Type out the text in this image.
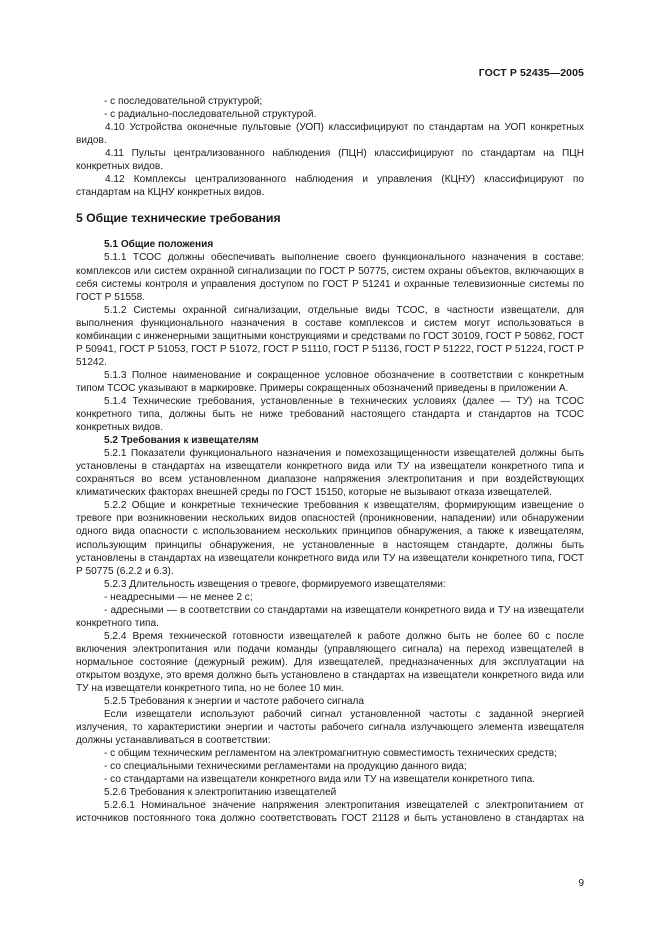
ГОСТ Р 52435—2005

- с последовательной структурой;

- с радиально-последовательной структурой.

4.10 Устройства оконечные пультовые (УОП) классифицируют по стандартам на УОП конкретных видов.

4.11 Пульты централизованного наблюдения (ПЦН) классифицируют по стандартам на ПЦН конкретных видов.

4.12 Комплексы централизованного наблюдения и управления (КЦНУ) классифицируют по стандартам на КЦНУ конкретных видов.

5 Общие технические требования

5.1 Общие положения

5.1.1 ТСОС должны обеспечивать выполнение своего функционального назначения в составе: комплексов или систем охранной сигнализации по ГОСТ Р 50775, систем охраны объектов, включающих в себя системы контроля и управления доступом по ГОСТ Р 51241 и охранные телевизионные системы по ГОСТ Р 51558.

5.1.2 Системы охранной сигнализации, отдельные виды ТСОС, в частности извещатели, для выполнения функционального назначения в составе комплексов и систем могут использоваться в комбинации с инженерными защитными конструкциями и средствами по ГОСТ 30109, ГОСТ Р 50862, ГОСТ Р 50941, ГОСТ Р 51053, ГОСТ Р 51072, ГОСТ Р 51110, ГОСТ Р 51136, ГОСТ Р 51222, ГОСТ Р 51224, ГОСТ Р 51242.

5.1.3 Полное наименование и сокращенное условное обозначение в соответствии с конкретным типом ТСОС указывают в маркировке. Примеры сокращенных обозначений приведены в приложении А.

5.1.4 Технические требования, установленные в технических условиях (далее — ТУ) на ТСОС конкретного типа, должны быть не ниже требований настоящего стандарта и стандартов на ТСОС конкретных видов.

5.2 Требования к извещателям

5.2.1 Показатели функционального назначения и помехозащищенности извещателей должны быть установлены в стандартах на извещатели конкретного вида или ТУ на извещатели конкретного типа и сохраняться во всем установленном диапазоне напряжения электропитания и при воздействующих климатических факторах внешней среды по ГОСТ 15150, которые не вызывают отказа извещателей.

5.2.2 Общие и конкретные технические требования к извещателям, формирующим извещение о тревоге при возникновении нескольких видов опасностей (проникновении, нападении) или обнаружении одного вида опасности с использованием нескольких принципов обнаружения, а также к извещателям, использующим принципы обнаружения, не установленные в настоящем стандарте, должны быть установлены в стандартах на извещатели конкретного вида или ТУ на извещатели конкретного типа, ГОСТ Р 50775 (6.2.2 и 6.3).

5.2.3 Длительность извещения о тревоге, формируемого извещателями:

- неадресными — не менее 2 с;

- адресными — в соответствии со стандартами на извещатели конкретного вида и ТУ на извещатели конкретного типа.

5.2.4 Время технической готовности извещателей к работе должно быть не более 60 с после включения электропитания или подачи команды (управляющего сигнала) на переход извещателей в нормальное состояние (дежурный режим). Для извещателей, предназначенных для эксплуатации на открытом воздухе, это время должно быть установлено в стандартах на извещатели конкретного вида или ТУ на извещатели конкретного типа, но не более 10 мин.

5.2.5 Требования к энергии и частоте рабочего сигнала

Если извещатели используют рабочий сигнал установленной частоты с заданной энергией излучения, то характеристики энергии и частоты рабочего сигнала излучающего элемента извещателя должны устанавливаться в соответствии:

- с общим техническим регламентом на электромагнитную совместимость технических средств;

- со специальными техническими регламентами на продукцию данного вида;

- со стандартами на извещатели конкретного вида или ТУ на извещатели конкретного типа.

5.2.6 Требования к электропитанию извещателей

5.2.6.1 Номинальное значение напряжения электропитания извещателей с электропитанием от источников постоянного тока должно соответствовать ГОСТ 21128 и быть установлено в стандартах на

9
